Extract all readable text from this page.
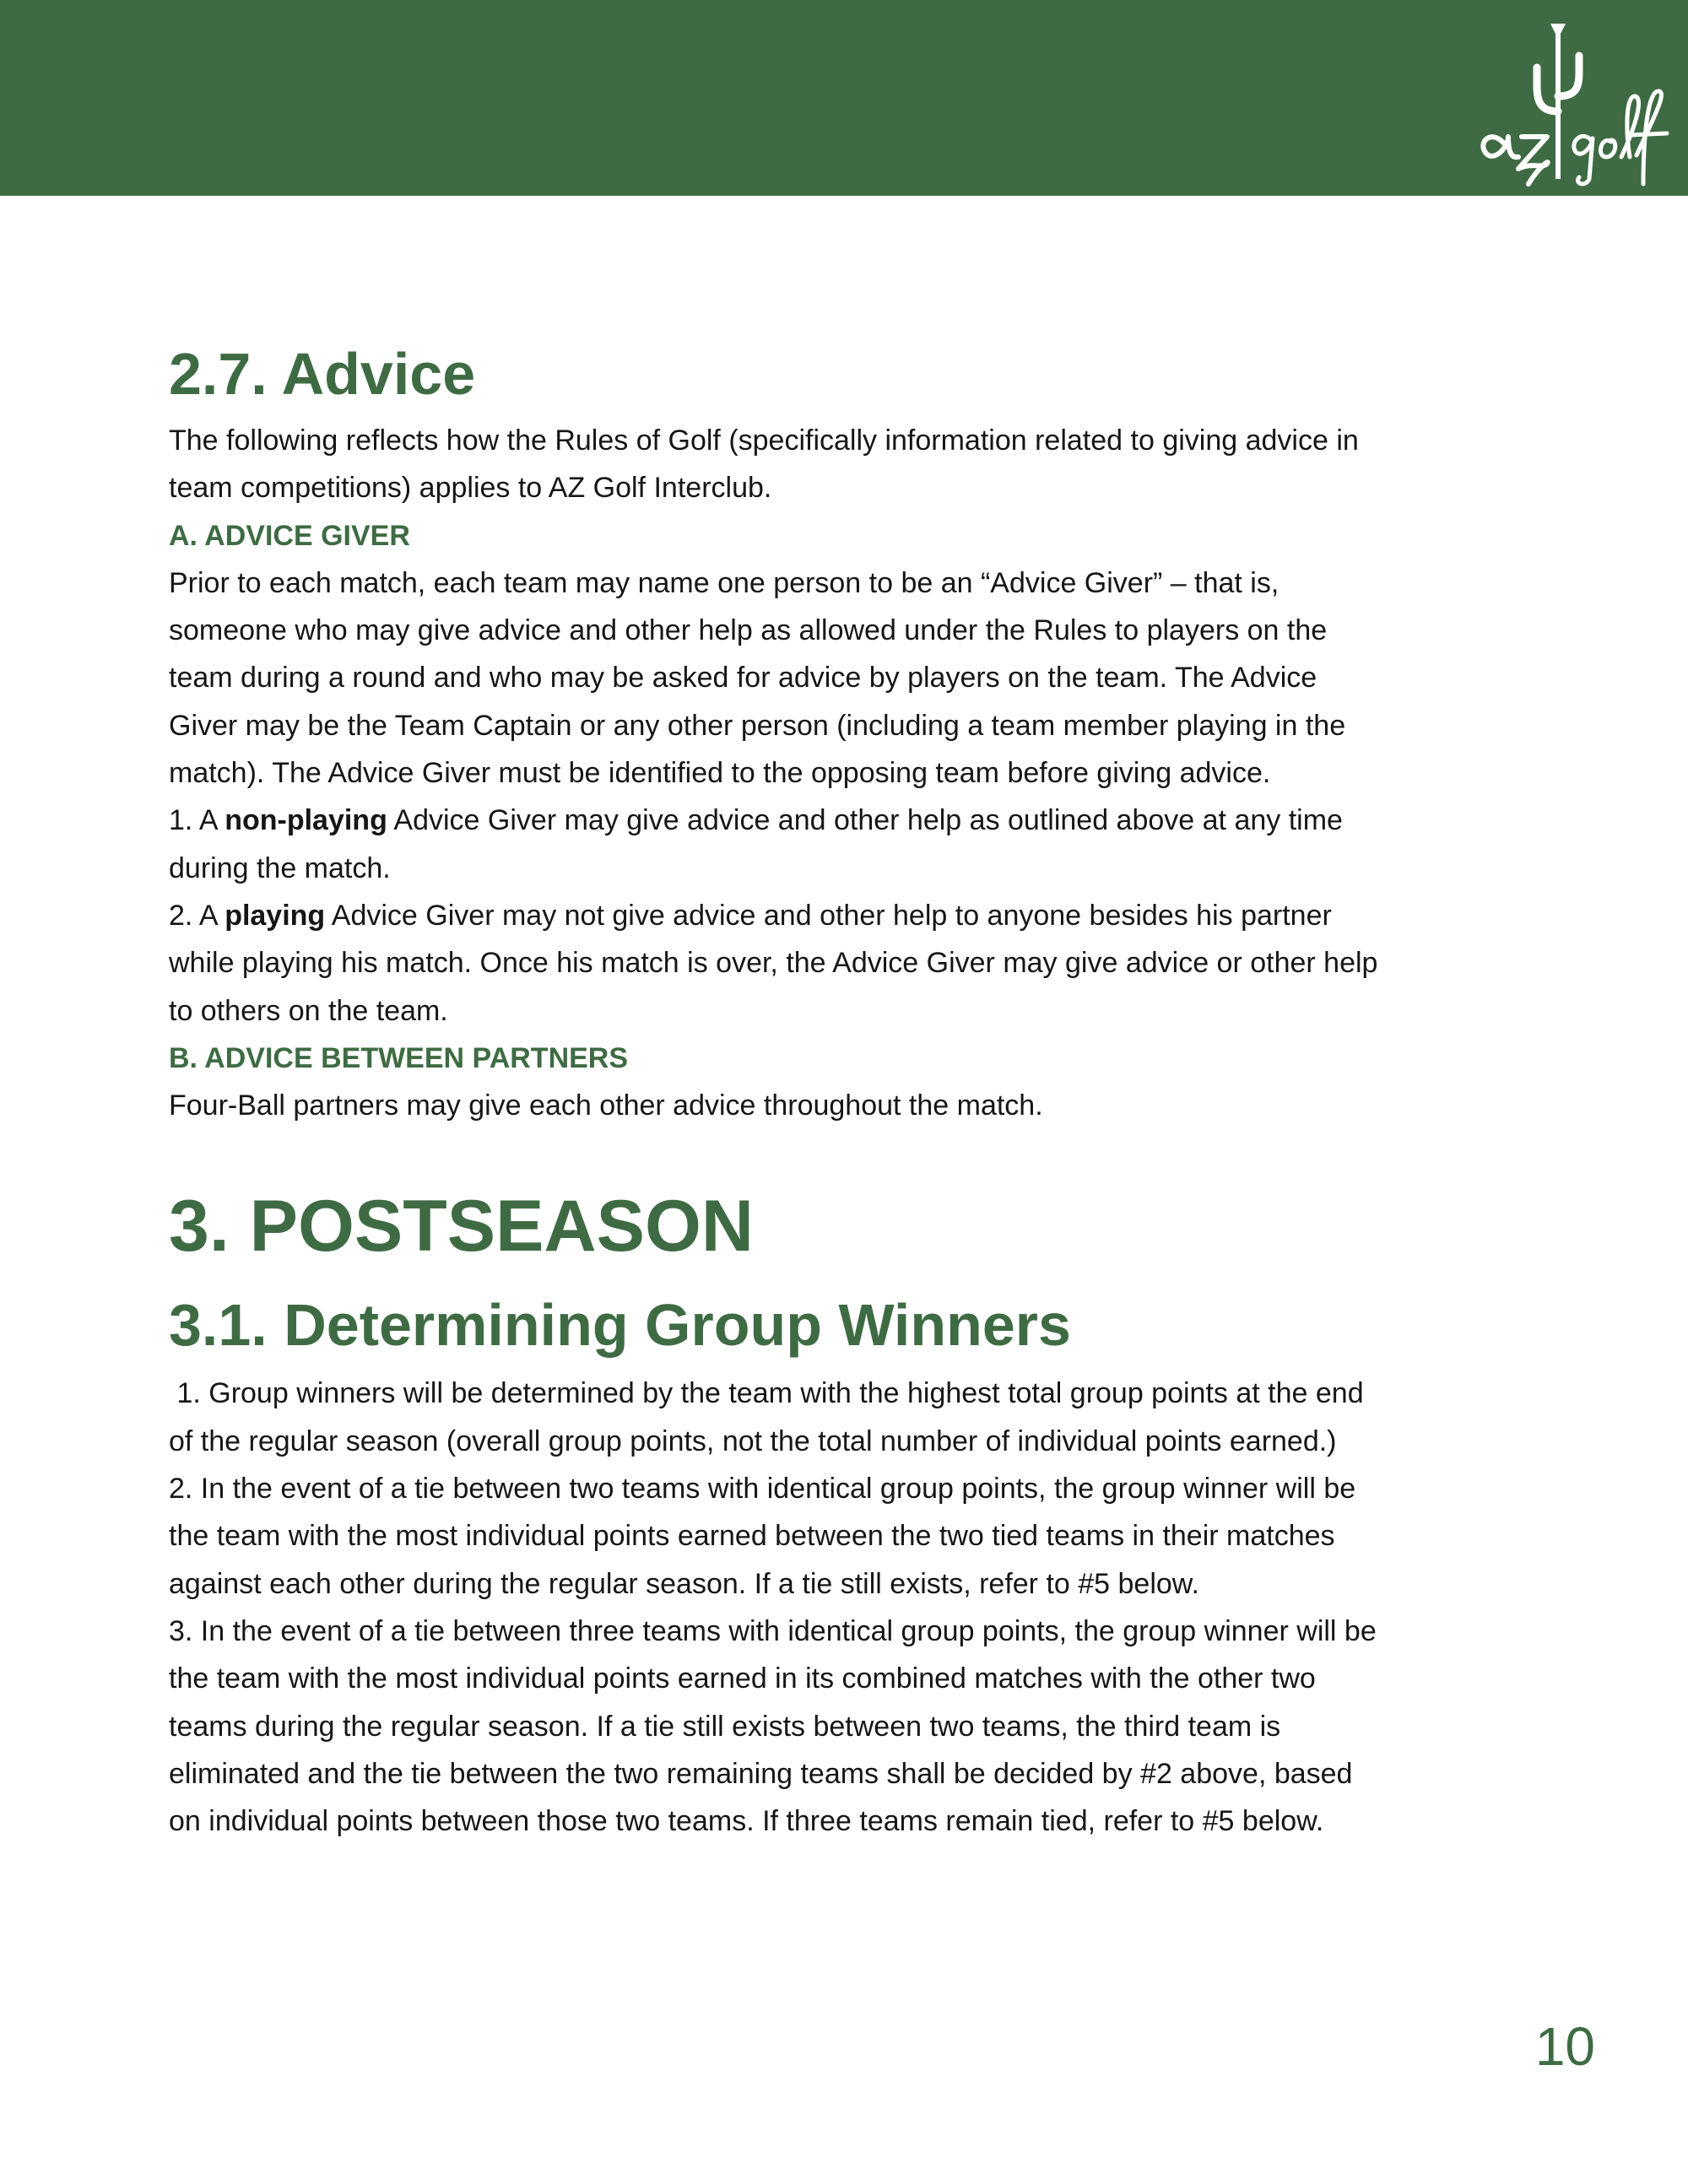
2.7. Advice

The following reflects how the Rules of Golf (specifically information related to giving advice in

team competitions) applies to AZ Golf Interclub.

A. ADVICE GIVER

Prior to each match, each team may name one person to be an “Advice Giver” – that is,

someone who may give advice and other help as allowed under the Rules to players on the

team during a round and who may be asked for advice by players on the team. The Advice

Giver may be the Team Captain or any other person (including a team member playing in the

match). The Advice Giver must be identified to the opposing team before giving advice.

1. A non-playing Advice Giver may give advice and other help as outlined above at any time

during the match.

2. A playing Advice Giver may not give advice and other help to anyone besides his partner

while playing his match. Once his match is over, the Advice Giver may give advice or other help

to others on the team.

B. ADVICE BETWEEN PARTNERS

Four-Ball partners may give each other advice throughout the match.

3. POSTSEASON
3.1. Determining Group Winners

1. Group winners will be determined by the team with the highest total group points at the end

of the regular season (overall group points, not the total number of individual points earned.)

2. In the event of a tie between two teams with identical group points, the group winner will be

the team with the most individual points earned between the two tied teams in their matches

against each other during the regular season. If a tie still exists, refer to #5 below.

3. In the event of a tie between three teams with identical group points, the group winner will be

the team with the most individual points earned in its combined matches with the other two

teams during the regular season. If a tie still exists between two teams, the third team is

eliminated and the tie between the two remaining teams shall be decided by #2 above, based

on individual points between those two teams. If three teams remain tied, refer to #5 below.

10
